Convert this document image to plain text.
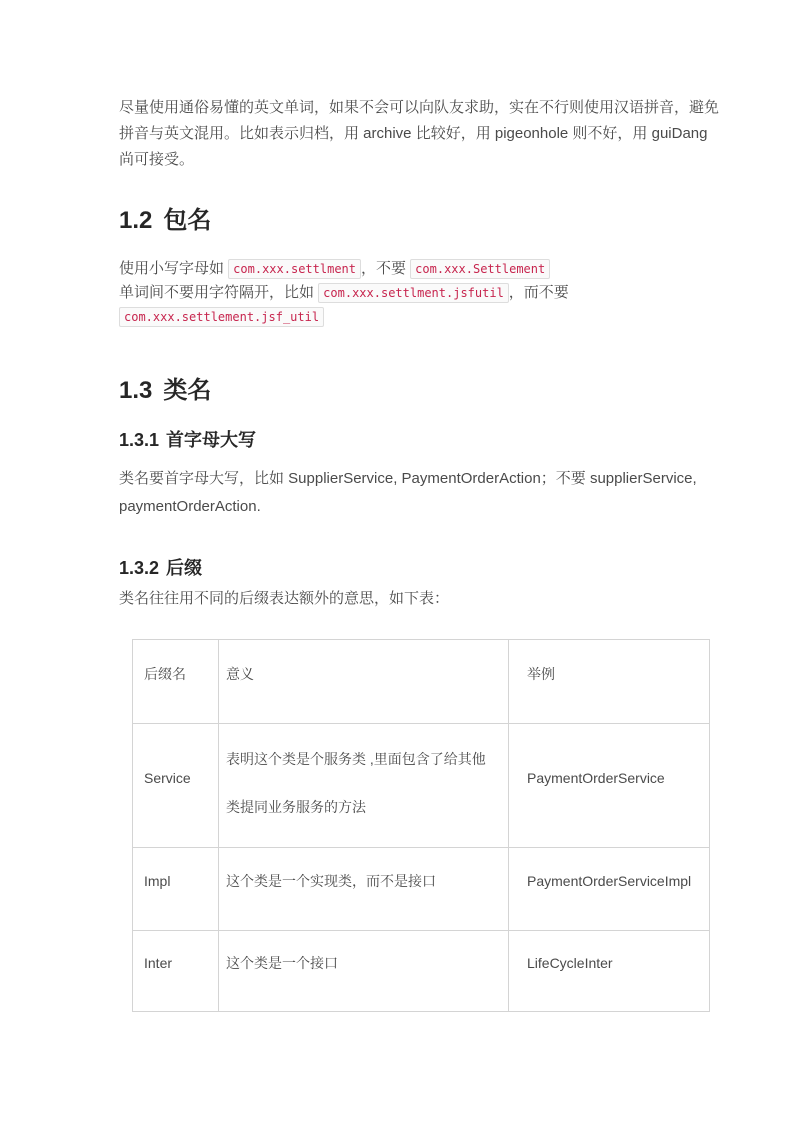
尽量使用通俗易懂的英文单词，如果不会可以向队友求助，实在不行则使用汉语拼音，避免
拼音与英文混用。比如表示归档，用 archive 比较好，用 pigeonhole 则不好，用 guiDang
尚可接受。

1.2 包名

使用小写字母如 com.xxx.settlment ，不要 com.xxx.Settlement
单词间不要用字符隔开，比如 com.xxx.settlment.jsfutil ，而不要
com.xxx.settlement.jsf_util

1.3 类名
1.3.1 首字母大写

类名要首字母大写，比如 SupplierService, PaymentOrderAction；不要 supplierService,
paymentOrderAction.

1.3.2 后缀

类名往往用不同的后缀表达额外的意思，如下表：

后缀名	意义	举例
Service	表明这个类是个服务类 ,里面包含了给其他
类提同业务服务的方法	PaymentOrderService
Impl	这个类是一个实现类，而不是接口	PaymentOrderServiceImpl
Inter	这个类是一个接口	LifeCycleInter
